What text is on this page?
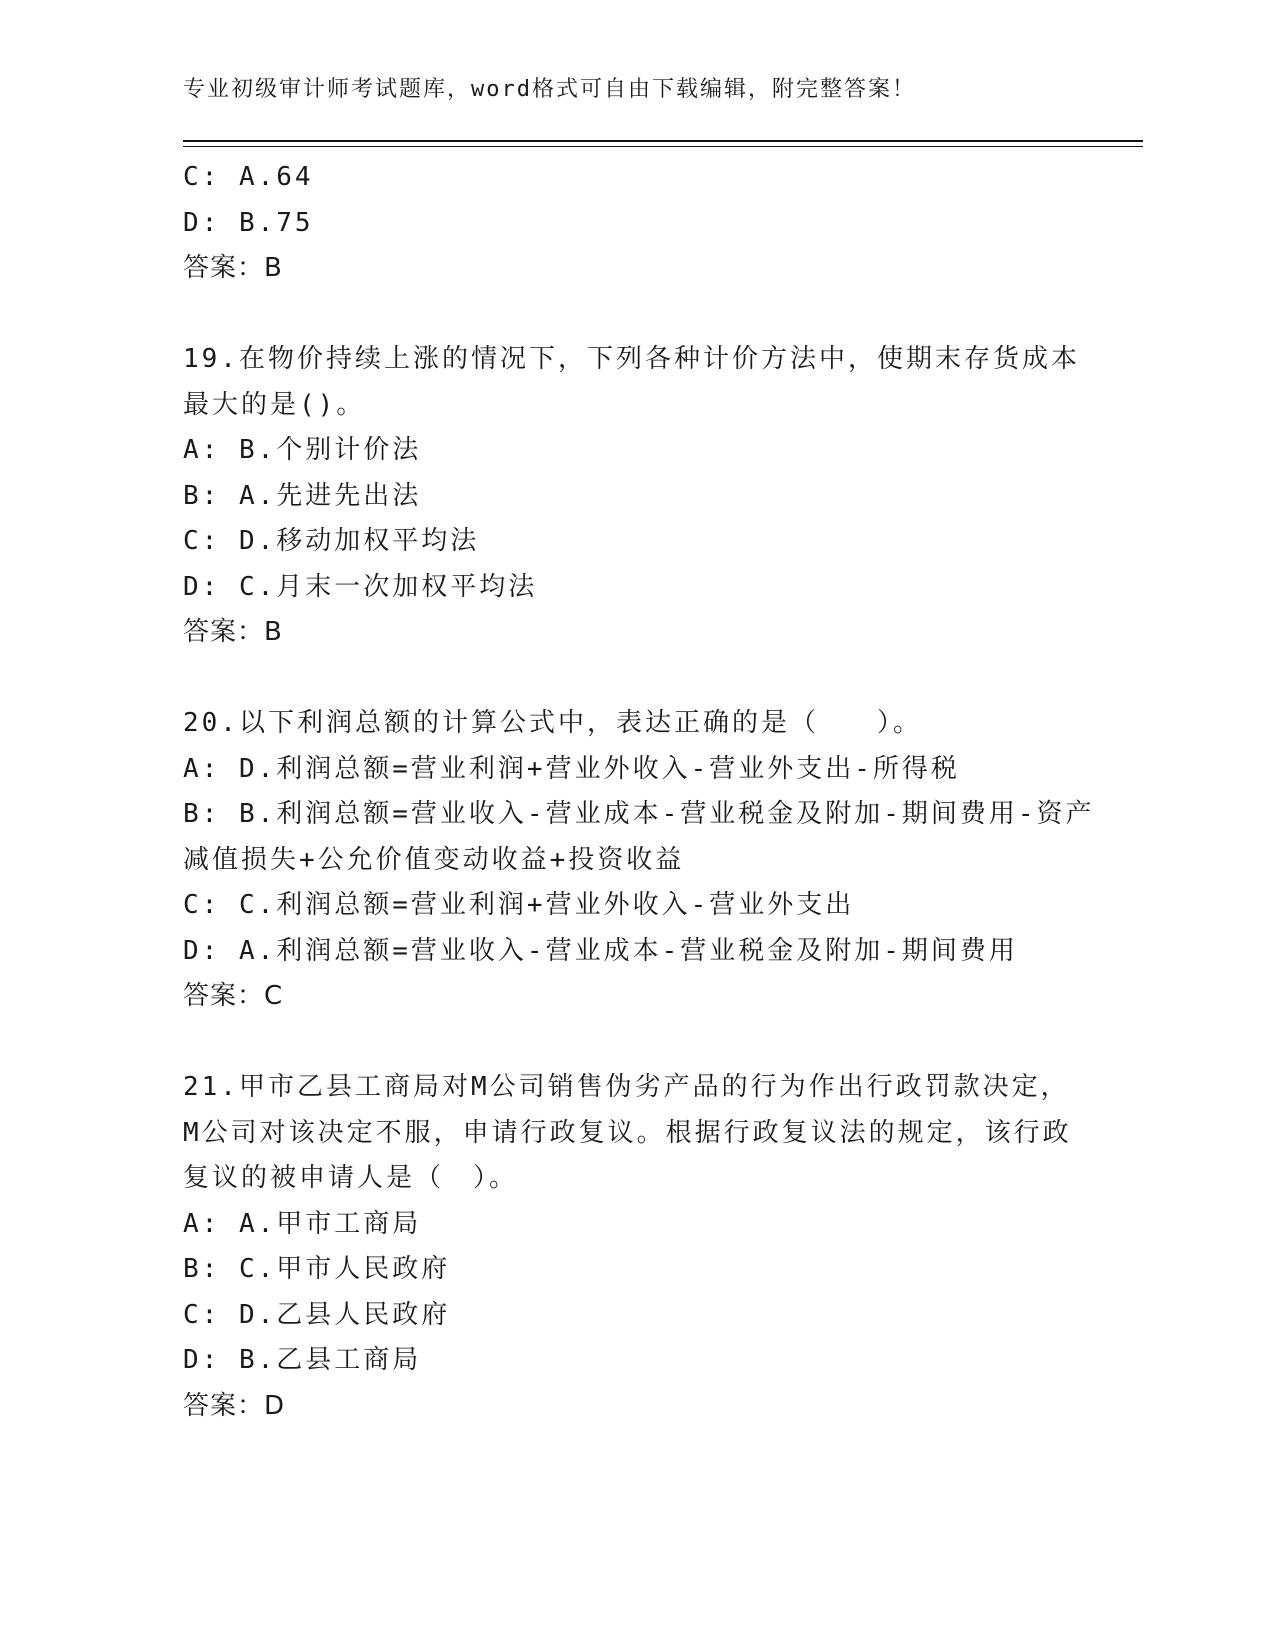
专业初级审计师考试题库，word格式可自由下载编辑，附完整答案！
C: A.64
D: B.75
答案：B
19.在物价持续上涨的情况下，下列各种计价方法中，使期末存货成本
最大的是()。
A: B.个别计价法
B: A.先进先出法
C: D.移动加权平均法
D: C.月末一次加权平均法
答案：B
20.以下利润总额的计算公式中，表达正确的是（　　）。
A: D.利润总额=营业利润+营业外收入-营业外支出-所得税
B: B.利润总额=营业收入-营业成本-营业税金及附加-期间费用-资产
减值损失+公允价值变动收益+投资收益
C: C.利润总额=营业利润+营业外收入-营业外支出
D: A.利润总额=营业收入-营业成本-营业税金及附加-期间费用
答案：C
21.甲市乙县工商局对M公司销售伪劣产品的行为作出行政罚款决定，
M公司对该决定不服，申请行政复议。根据行政复议法的规定，该行政
复议的被申请人是（　）。
A: A.甲市工商局
B: C.甲市人民政府
C: D.乙县人民政府
D: B.乙县工商局
答案：D
